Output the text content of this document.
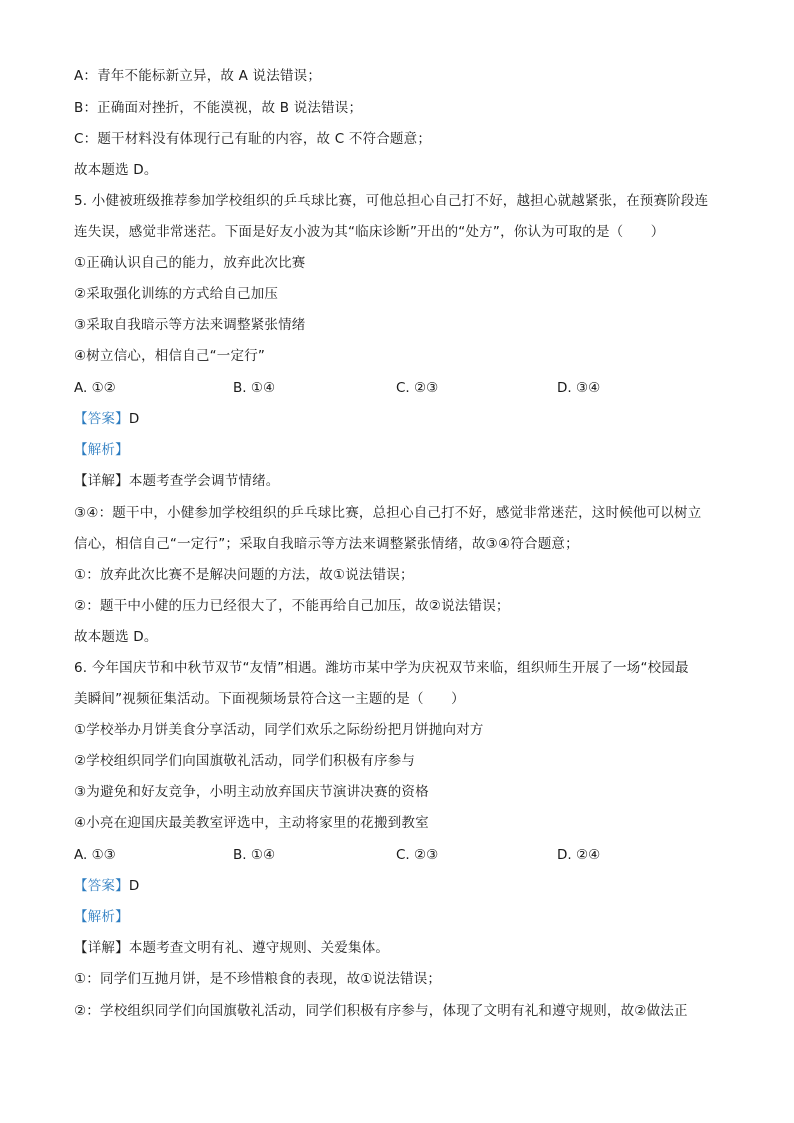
A：青年不能标新立异，故 A 说法错误；
B：正确面对挫折，不能漠视，故 B 说法错误；
C：题干材料没有体现行己有耻的内容，故 C 不符合题意；
故本题选 D。
5. 小健被班级推荐参加学校组织的乒乓球比赛，可他总担心自己打不好，越担心就越紧张，在预赛阶段连
连失误，感觉非常迷茫。下面是好友小波为其“临床诊断”开出的“处方”，你认为可取的是（　　）
①正确认识自己的能力，放弃此次比赛
②采取强化训练的方式给自己加压
③采取自我暗示等方法来调整紧张情绪
④树立信心，相信自己“一定行”
A. ①②	B. ①④	C. ②③	D. ③④
【答案】D
【解析】
【详解】本题考查学会调节情绪。
③④：题干中，小健参加学校组织的乒乓球比赛，总担心自己打不好，感觉非常迷茫，这时候他可以树立
信心，相信自己“一定行”；采取自我暗示等方法来调整紧张情绪，故③④符合题意；
①：放弃此次比赛不是解决问题的方法，故①说法错误；
②：题干中小健的压力已经很大了，不能再给自己加压，故②说法错误；
故本题选 D。
6. 今年国庆节和中秋节双节“友情”相遇。潍坊市某中学为庆祝双节来临，组织师生开展了一场“校园最
美瞬间”视频征集活动。下面视频场景符合这一主题的是（　　）
①学校举办月饼美食分享活动，同学们欢乐之际纷纷把月饼抛向对方
②学校组织同学们向国旗敬礼活动，同学们积极有序参与
③为避免和好友竞争，小明主动放弃国庆节演讲决赛的资格
④小亮在迎国庆最美教室评选中，主动将家里的花搬到教室
A. ①③	B. ①④	C. ②③	D. ②④
【答案】D
【解析】
【详解】本题考查文明有礼、遵守规则、关爱集体。
①：同学们互抛月饼，是不珍惜粮食的表现，故①说法错误；
②：学校组织同学们向国旗敬礼活动，同学们积极有序参与，体现了文明有礼和遵守规则，故②做法正
